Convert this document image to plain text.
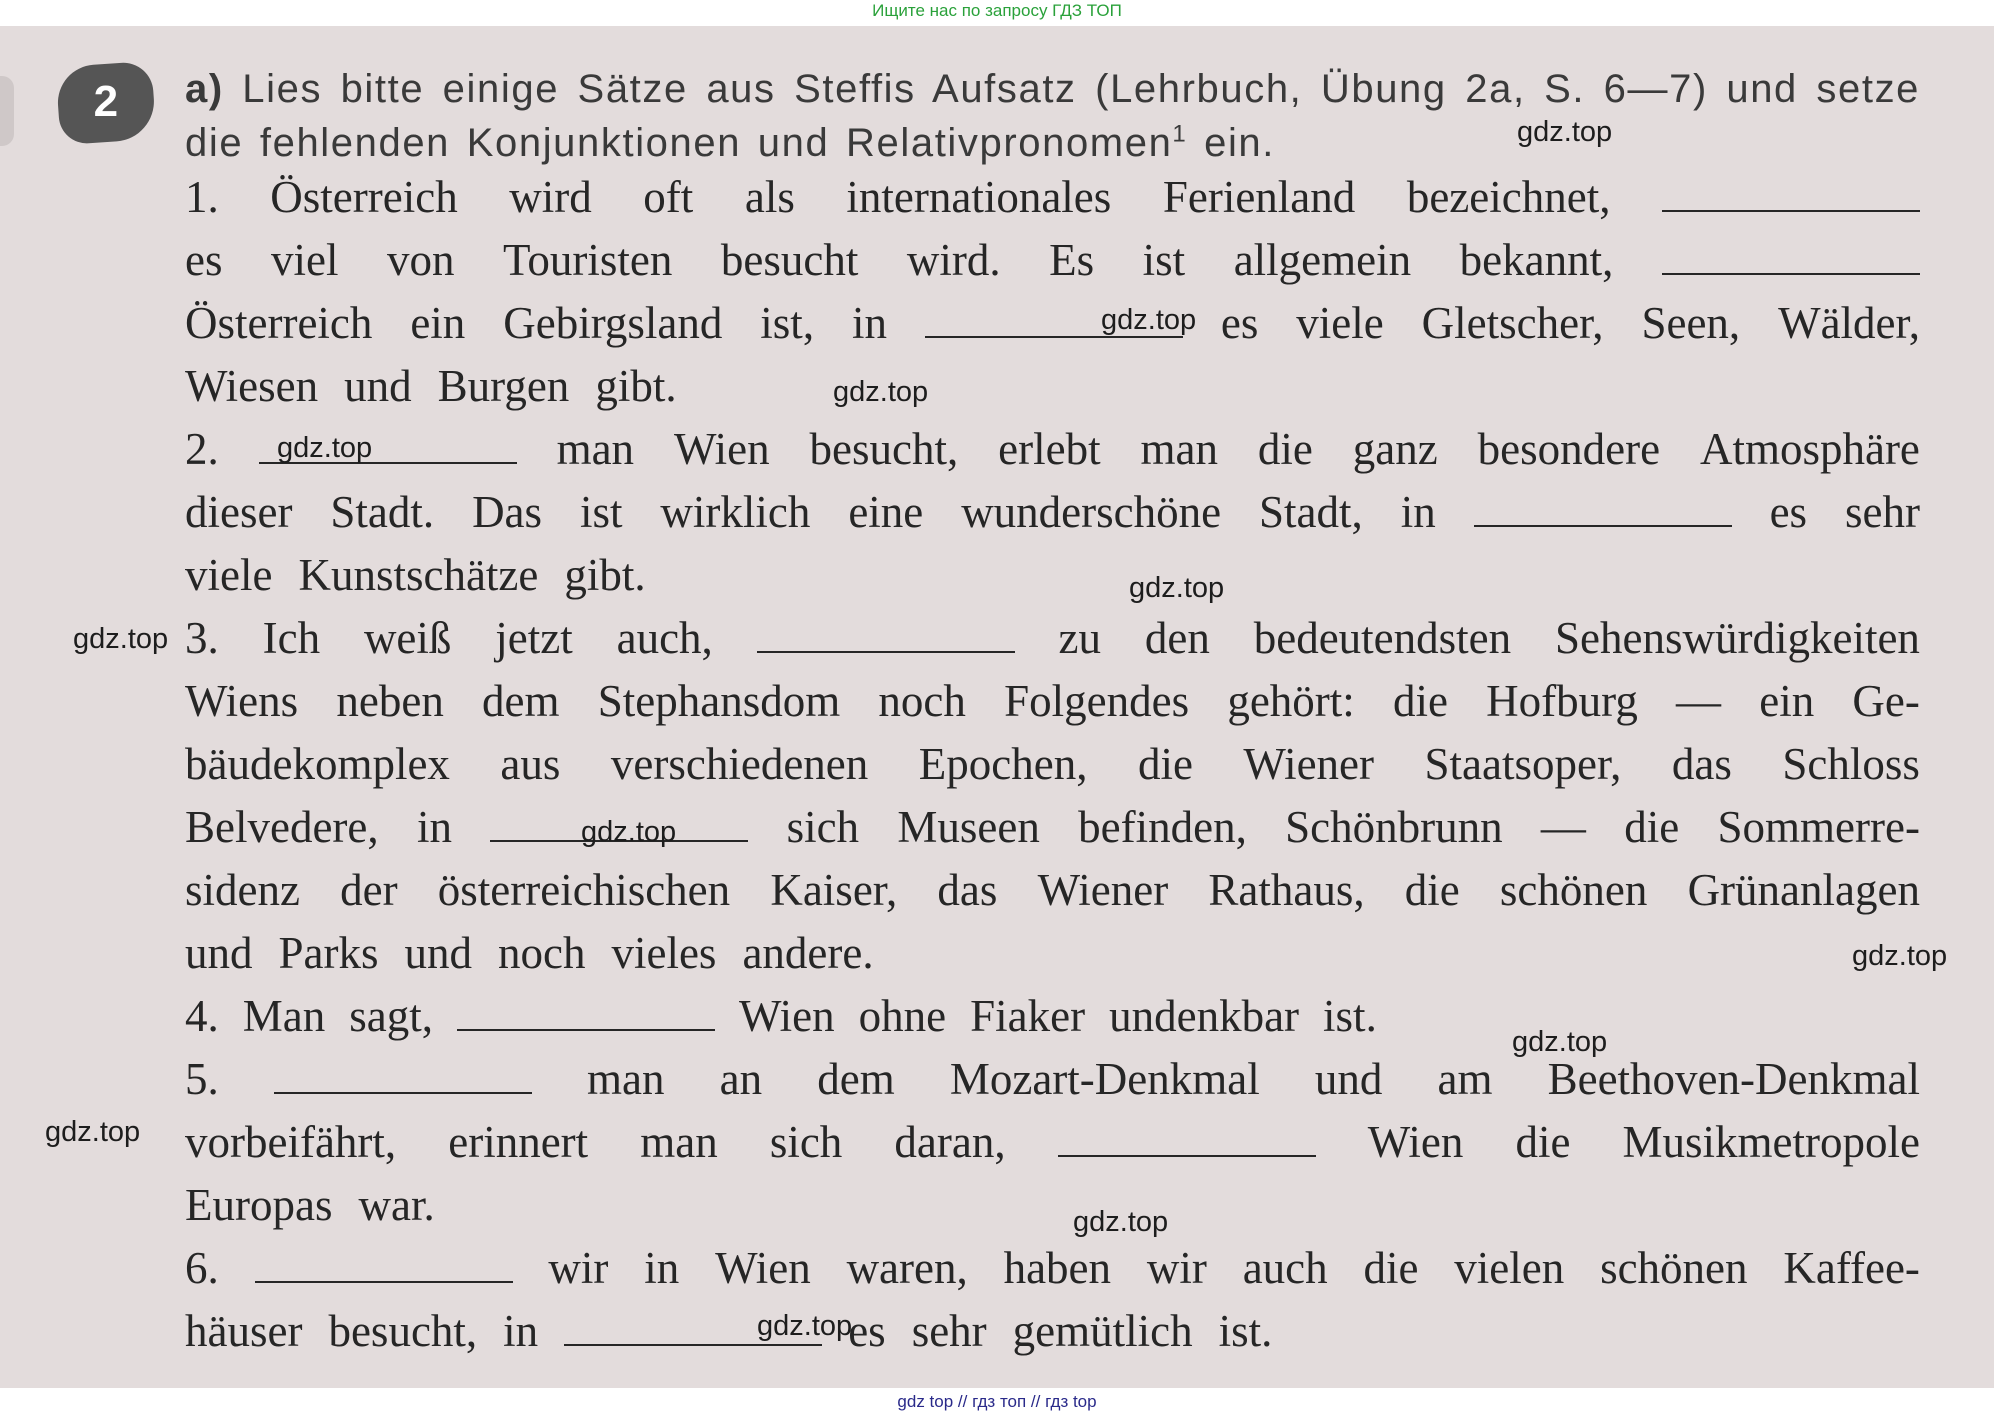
Ищите нас по запросу ГДЗ ТОП
2	a) Lies bitte einige Sätze aus Steffis Aufsatz (Lehrbuch, Übung 2a, S. 6—7) und setze die fehlenden Konjunktionen und Relativpronomen$^1$ ein.
1. Österreich wird oft als internationales Ferienland bezeichnet,
es viel von Touristen besucht wird. Es ist allgemein bekannt,
Österreich ein Gebirgsland ist, in	es viele Gletscher, Seen, Wälder,
Wiesen und Burgen gibt.
2.	man Wien besucht, erlebt man die ganz besondere Atmosphäre
dieser Stadt. Das ist wirklich eine wunderschöne Stadt, in	es sehr
viele Kunstschätze gibt.
3. Ich weiß jetzt auch,	zu den bedeutendsten Sehenswürdigkeiten
Wiens neben dem Stephansdom noch Folgendes gehört: die Hofburg — ein Ge-
bäudekomplex aus verschiedenen Epochen, die Wiener Staatsoper, das Schloss
Belvedere, in	sich Museen befinden, Schönbrunn — die Sommerre-
sidenz der österreichischen Kaiser, das Wiener Rathaus, die schönen Grünanlagen
und Parks und noch vieles andere.
4. Man sagt,	Wien ohne Fiaker undenkbar ist.
5.	man an dem Mozart-Denkmal und am Beethoven-Denkmal
vorbeifährt, erinnert man sich daran,	Wien die Musikmetropole
Europas war.
6.	wir in Wien waren, haben wir auch die vielen schönen Kaffee-
häuser besucht, in	es sehr gemütlich ist.
gdz.top
gdz.top
gdz.top
gdz.top
gdz.top
gdz.top
gdz.top
gdz.top
gdz.top
gdz.top
gdz.top
gdz.top
gdz top // гдз топ // гдз top
